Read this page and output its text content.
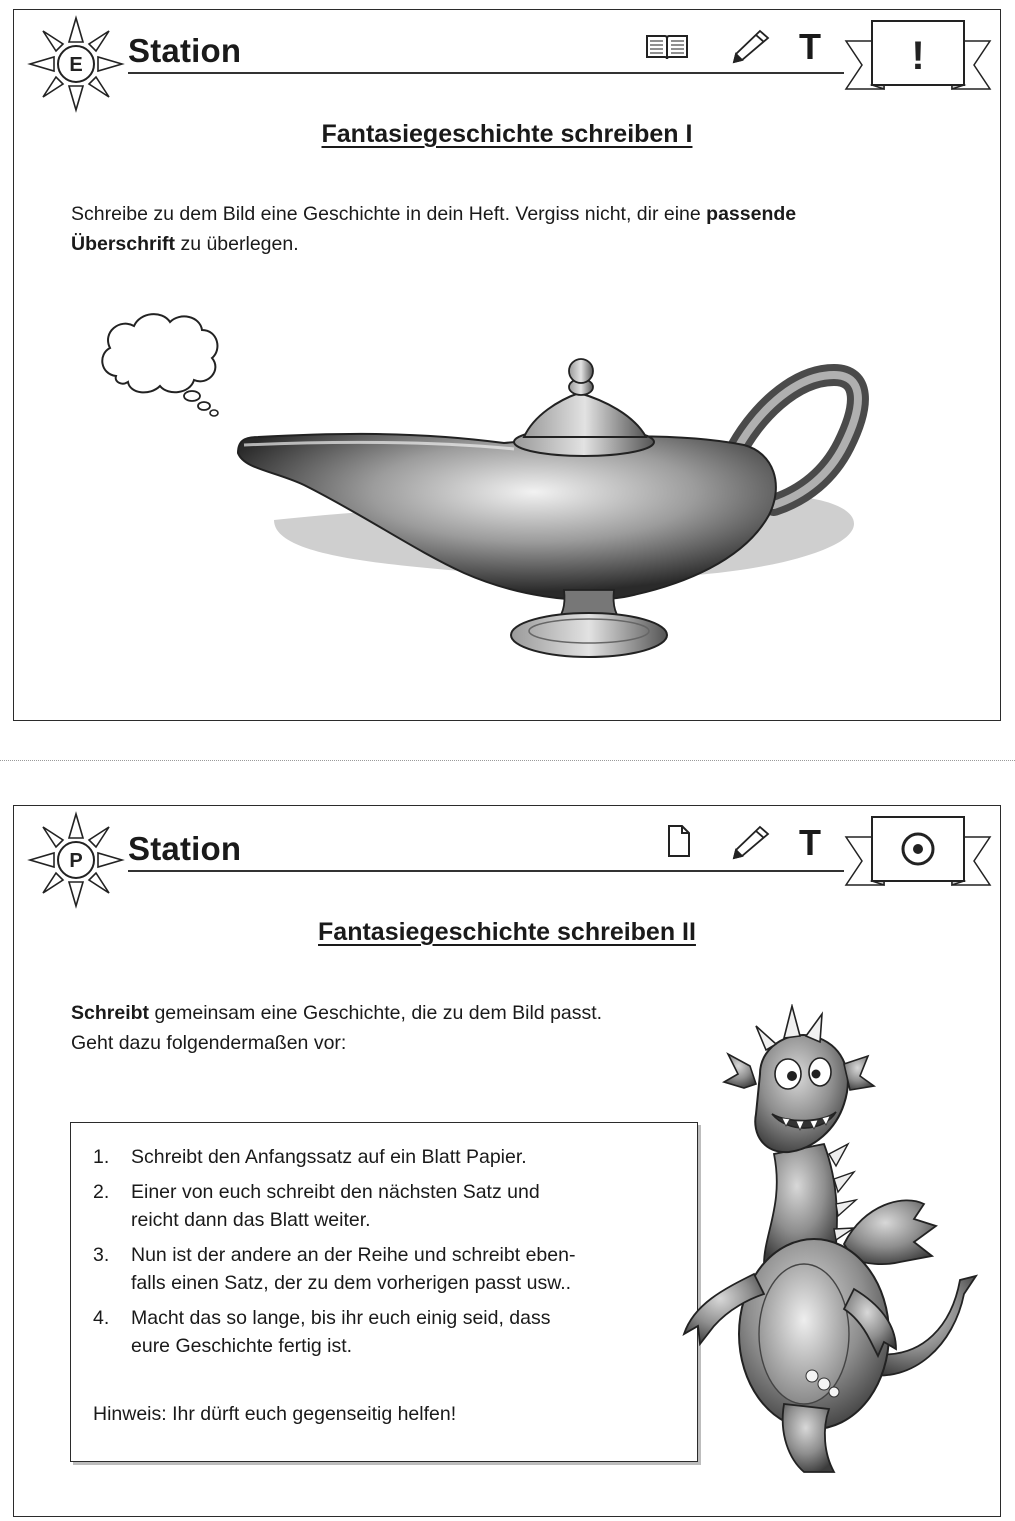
E Station	T !
Fantasiegeschichte schreiben I
Schreibe zu dem Bild eine Geschichte in dein Heft. Vergiss nicht, dir eine passende
Überschrift zu überlegen.
P Station	T
Fantasiegeschichte schreiben II
Schreibt gemeinsam eine Geschichte, die zu dem Bild passt.
Geht dazu folgendermaßen vor:
1. Schreibt den Anfangssatz auf ein Blatt Papier.
2. Einer von euch schreibt den nächsten Satz und
reicht dann das Blatt weiter.
3. Nun ist der andere an der Reihe und schreibt eben-
falls einen Satz, der zu dem vorherigen passt usw..
4. Macht das so lange, bis ihr euch einig seid, dass
eure Geschichte fertig ist.
Hinweis: Ihr dürft euch gegenseitig helfen!
